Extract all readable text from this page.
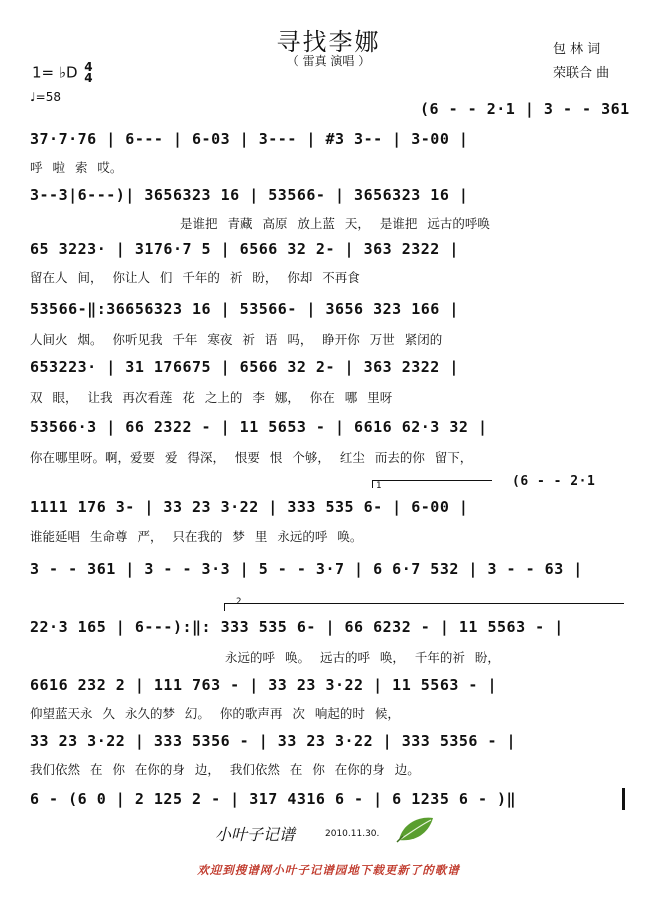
寻找李娜
（ 雷真 演唱 ）
包 林 词
荣联合 曲
1= ♭D 4
4
♩=58
(6 - - 2·1 | 3 - - 361
37·7·76 | 6--- | 6-03 | 3--- | #3 3-- | 3-00 |
呼 啦 索 哎。
3--3|6---)| 3656323 16 | 53566- | 3656323 16 |
是谁把 青藏 高原 放上蓝 天， 是谁把 远古的呼唤
65 3223· | 3176·7 5 | 6566 32 2- | 363 2322 |
留在人 间， 你让人 们 千年的 祈 盼， 你却 不再食
53566-‖:36656323 16 | 53566- | 3656 323 166 |
人间火 烟。 你听见我 千年 寒夜 祈 语 吗， 睁开你 万世 紧闭的
653223· | 31 176675 | 6566 32 2- | 363 2322 |
双 眼， 让我 再次看莲 花 之上的 李 娜， 你在 哪 里呀
53566·3 | 66 2322 - | 11 5653 - | 6616 62·3 32 |
你在哪里呀。啊，爱要 爱 得深， 恨要 恨 个够， 红尘 而去的你 留下，
1	(6 - - 2·1
1111 176 3- | 33 23 3·22 | 333 535 6- | 6-00 |
谁能延唱 生命尊 严， 只在我的 梦 里 永远的呼 唤。
3 - - 361 | 3 - - 3·3 | 5 - - 3·7 | 6 6·7 532 | 3 - - 63 |
2
22·3 165 | 6---):‖: 333 535 6- | 66 6232 - | 11 5563 - |
永远的呼 唤。 远古的呼 唤， 千年的祈 盼，
6616 232 2 | 111 763 - | 33 23 3·22 | 11 5563 - |
仰望蓝天永 久 永久的梦 幻。 你的歌声再 次 响起的时 候，
33 23 3·22 | 333 5356 - | 33 23 3·22 | 333 5356 - |
我们依然 在 你 在你的身 边， 我们依然 在 你 在你的身 边。
6 - (6 0 | 2 125 2 - | 317 4316 6 - | 6 1235 6 - )‖
小叶子记谱	2010.11.30.
欢迎到搜谱网小叶子记谱园地下载更新了的歌谱
